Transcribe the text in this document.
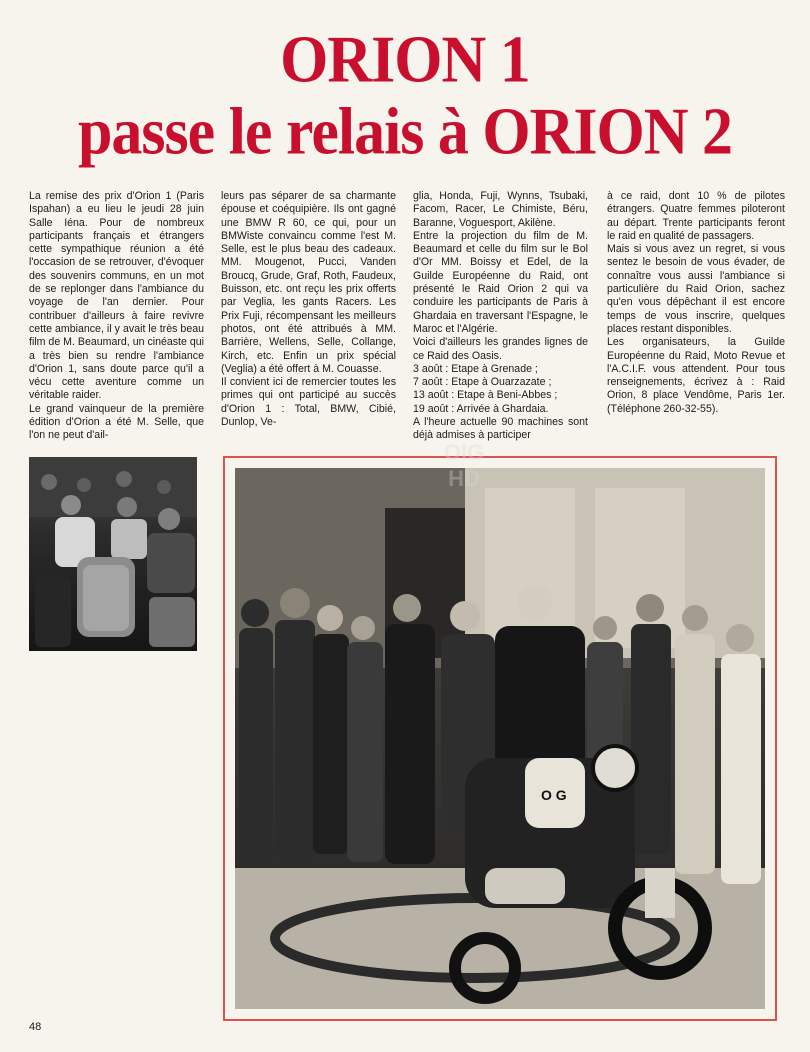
ORION 1
passe le relais à ORION 2

La remise des prix d'Orion 1 (Paris Ispahan) a eu lieu le jeudi 28 juin Salle Iéna. Pour de nombreux participants français et étrangers cette sympathique réunion a été l'occasion de se retrouver, d'évoquer des souvenirs communs, en un mot de se replonger dans l'ambiance du voyage de l'an dernier. Pour contribuer d'ailleurs à faire revivre cette ambiance, il y avait le très beau film de M. Beaumard, un cinéaste qui a très bien su rendre l'ambiance d'Orion 1, sans doute parce qu'il a vécu cette aventure comme un véritable raider.

Le grand vainqueur de la première édition d'Orion a été M. Selle, que l'on ne peut d'ail-

leurs pas séparer de sa charmante épouse et coéquipière. Ils ont gagné une BMW R 60, ce qui, pour un BMWiste convaincu comme l'est M. Selle, est le plus beau des cadeaux. MM. Mougenot, Pucci, Vanden Broucq, Grude, Graf, Roth, Faudeux, Buisson, etc. ont reçu les prix offerts par Veglia, les gants Racers. Les Prix Fuji, récompensant les meilleurs photos, ont été attribués à MM. Barrière, Wellens, Selle, Collange, Kirch, etc. Enfin un prix spécial (Veglia) a été offert à M. Couasse.

Il convient ici de remercier toutes les primes qui ont participé au succès d'Orion 1 : Total, BMW, Cibié, Dunlop, Ve-

glia, Honda, Fuji, Wynns, Tsubaki, Facom, Racer, Le Chimiste, Béru, Baranne, Voguesport, Akilène.

Entre la projection du film de M. Beaumard et celle du film sur le Bol d'Or MM. Boissy et Edel, de la Guilde Européenne du Raid, ont présenté le Raid Orion 2 qui va conduire les participants de Paris à Ghardaia en traversant l'Espagne, le Maroc et l'Algérie.

Voici d'ailleurs les grandes lignes de ce Raid des Oasis.

3 août : Etape à Grenade ;
7 août : Etape à Ouarzazate ;
13 août : Etape à Beni-Abbes ;
19 août : Arrivée à Ghardaia.

A l'heure actuelle 90 machines sont déjà admises à participer

à ce raid, dont 10 % de pilotes étrangers. Quatre femmes piloteront au départ. Trente participants feront le raid en qualité de passagers.

Mais si vous avez un regret, si vous sentez le besoin de vous évader, de connaître vous aussi l'ambiance si particulière du Raid Orion, sachez qu'en vous dépêchant il est encore temps de vous inscrire, quelques places restant disponibles.

Les organisateurs, la Guilde Européenne du Raid, Moto Revue et l'A.C.I.F. vous attendent. Pour tous renseignements, écrivez à : Raid Orion, 8 place Vendôme, Paris 1er. (Téléphone 260-32-55).

O G
OIG
HD
48
